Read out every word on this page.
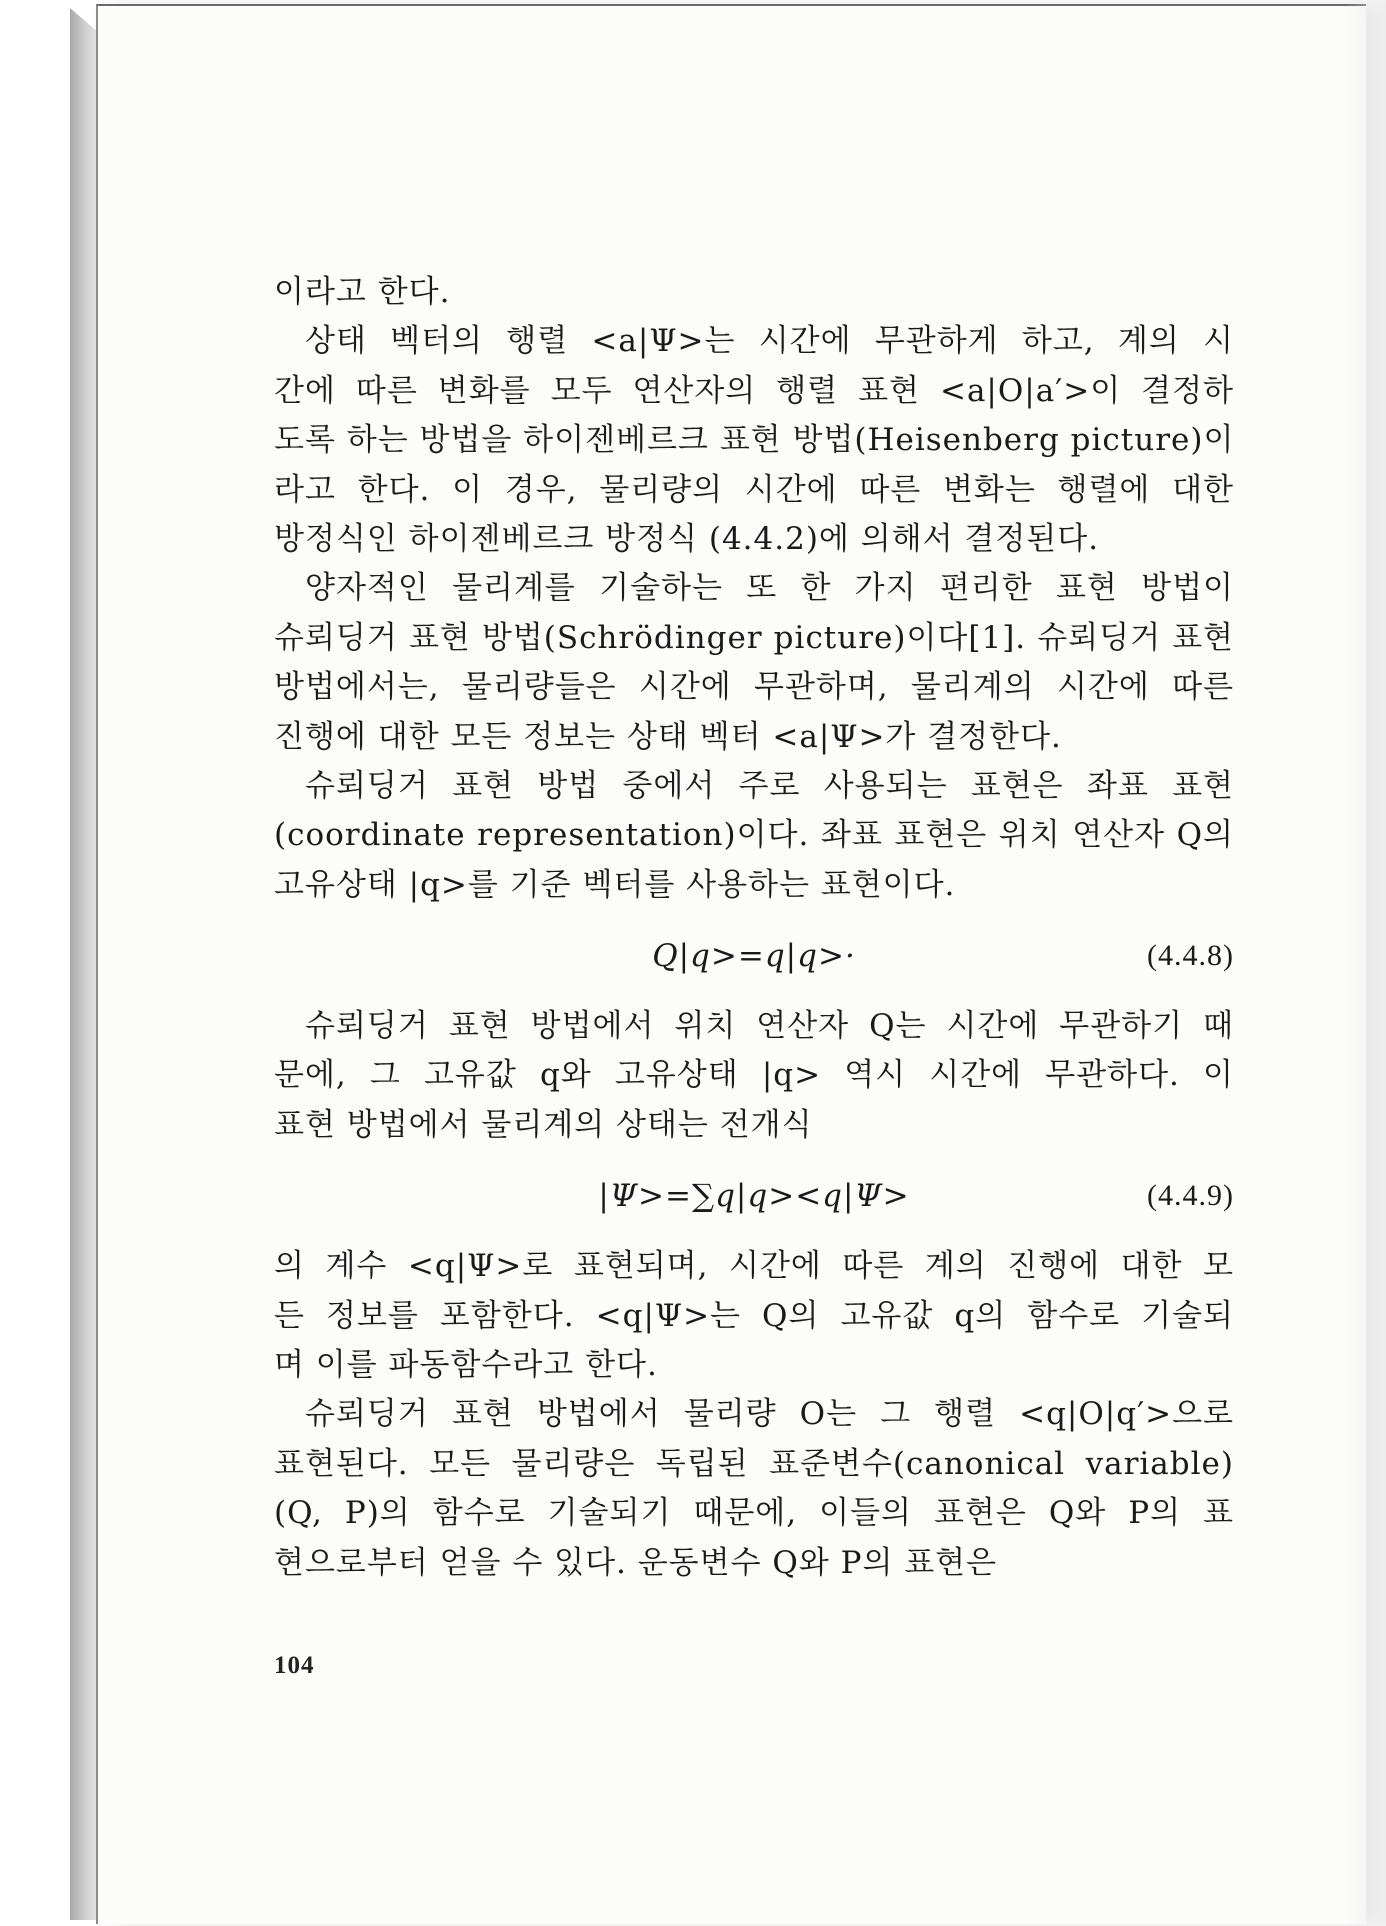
이라고 한다.
상태 벡터의 행렬 <a|Ψ>는 시간에 무관하게 하고, 계의 시
간에 따른 변화를 모두 연산자의 행렬 표현 <a|O|a′>이 결정하
도록 하는 방법을 하이젠베르크 표현 방법(Heisenberg picture)이
라고 한다. 이 경우, 물리량의 시간에 따른 변화는 행렬에 대한
방정식인 하이젠베르크 방정식 (4.4.2)에 의해서 결정된다.
양자적인 물리계를 기술하는 또 한 가지 편리한 표현 방법이
슈뢰딩거 표현 방법(Schrödinger picture)이다[1]. 슈뢰딩거 표현
방법에서는, 물리량들은 시간에 무관하며, 물리계의 시간에 따른
진행에 대한 모든 정보는 상태 벡터 <a|Ψ>가 결정한다.
슈뢰딩거 표현 방법 중에서 주로 사용되는 표현은 좌표 표현
(coordinate representation)이다. 좌표 표현은 위치 연산자 Q의
고유상태 |q>를 기준 벡터를 사용하는 표현이다.
Q|q>=q|q>·	(4.4.8)
슈뢰딩거 표현 방법에서 위치 연산자 Q는 시간에 무관하기 때
문에, 그 고유값 q와 고유상태 |q> 역시 시간에 무관하다. 이
표현 방법에서 물리계의 상태는 전개식
|Ψ>=∑q|q><q|Ψ>	(4.4.9)
의 계수 <q|Ψ>로 표현되며, 시간에 따른 계의 진행에 대한 모
든 정보를 포함한다. <q|Ψ>는 Q의 고유값 q의 함수로 기술되
며 이를 파동함수라고 한다.
슈뢰딩거 표현 방법에서 물리량 O는 그 행렬 <q|O|q′>으로
표현된다. 모든 물리량은 독립된 표준변수(canonical variable)
(Q, P)의 함수로 기술되기 때문에, 이들의 표현은 Q와 P의 표
현으로부터 얻을 수 있다. 운동변수 Q와 P의 표현은
104
